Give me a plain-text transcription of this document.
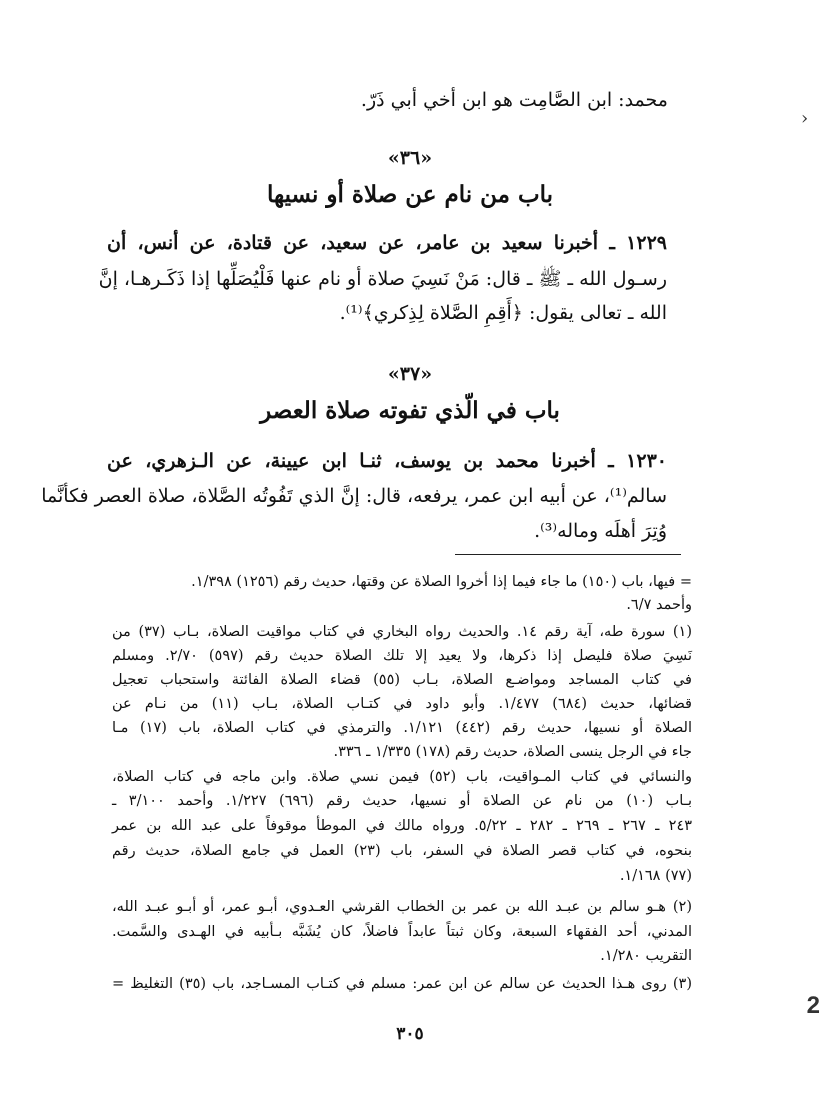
محمد: ابن الصَّامِت هو ابن أخي أبي ذَرّ.
«٣٦»
باب من نام عن صلاة أو نسيها
١٢٢٩ ـ أخبرنا سعيد بن عامر، عن سعيد، عن قتادة، عن أنس، أن
رسـول الله ـ ﷺ ـ قال: مَنْ نَسِيَ صلاة أو نام عنها فَلْيُصَلِّها إذا ذَكَـرهـا، إنَّ
الله ـ تعالى يقول: ﴿أَقِمِ الصَّلاة لِذِكري﴾⁽¹⁾.
«٣٧»
باب في الّذي تفوته صلاة العصر
١٢٣٠ ـ أخبرنا محمد بن يوسف، ثنـا ابن عيينة، عن الـزهري، عن
سالم⁽¹⁾، عن أبيه ابن عمر، يرفعه، قال: إنَّ الذي تَفُوتُه الصَّلاة، صلاة العصر فكأنَّما
وُتِرَ أهلَه وماله⁽³⁾.
= فيها، باب (١٥٠) ما جاء فيما إذا أخروا الصلاة عن وقتها، حديث رقم (١٢٥٦) ١/٣٩٨.
وأحمد ٦/٧.
(١) سورة طه، آية رقم ١٤. والحديث رواه البخاري في كتاب مواقيت الصلاة، بـاب (٣٧) من
نَسِيَ صلاة فليصل إذا ذكرها، ولا يعيد إلا تلك الصلاة حديث رقم (٥٩٧) ٢/٧٠. ومسلم
في كتاب المساجد ومواضـع الصلاة، بـاب (٥٥) قضاء الصلاة الفائتة واستحباب تعجيل
قضائها، حديث (٦٨٤) ١/٤٧٧. وأبو داود في كتـاب الصلاة، بـاب (١١) من نـام عن
الصلاة أو نسيها، حديث رقم (٤٤٢) ١/١٢١. والترمذي في كتاب الصلاة، باب (١٧) مـا
جاء في الرجل ينسى الصلاة، حديث رقم (١٧٨) ١/٣٣٥ ـ ٣٣٦.
والنسائي في كتاب المـواقيت، باب (٥٢) فيمن نسي صلاة. وابن ماجه في كتاب الصلاة،
بـاب (١٠) من نام عن الصلاة أو نسيها، حديث رقم (٦٩٦) ١/٢٢٧. وأحمد ٣/١٠٠ ـ
٢٤٣ ـ ٢٦٧ ـ ٢٦٩ ـ ٢٨٢ ـ ٥/٢٢. ورواه مالك في الموطأ موقوفاً على عبد الله بن عمر
بنحوه، في كتاب قصر الصلاة في السفر، باب (٢٣) العمل في جامع الصلاة، حديث رقم
(٧٧) ١/١٦٨.
(٢) هـو سالم بن عبـد الله بن عمر بن الخطاب القرشي العـدوي، أبـو عمر، أو أبـو عبـد الله،
المدني، أحد الفقهاء السبعة، وكان ثبتاً عابداً فاضلاً، كان يُشَبَّه بـأبيه في الهـدى والسَّمت.
التقريب ١/٢٨٠.
(٣) روى هـذا الحديث عن سالم عن ابن عمر: مسلم في كتـاب المسـاجد، باب (٣٥) التغليظ =
٣٠٥
‹
2
